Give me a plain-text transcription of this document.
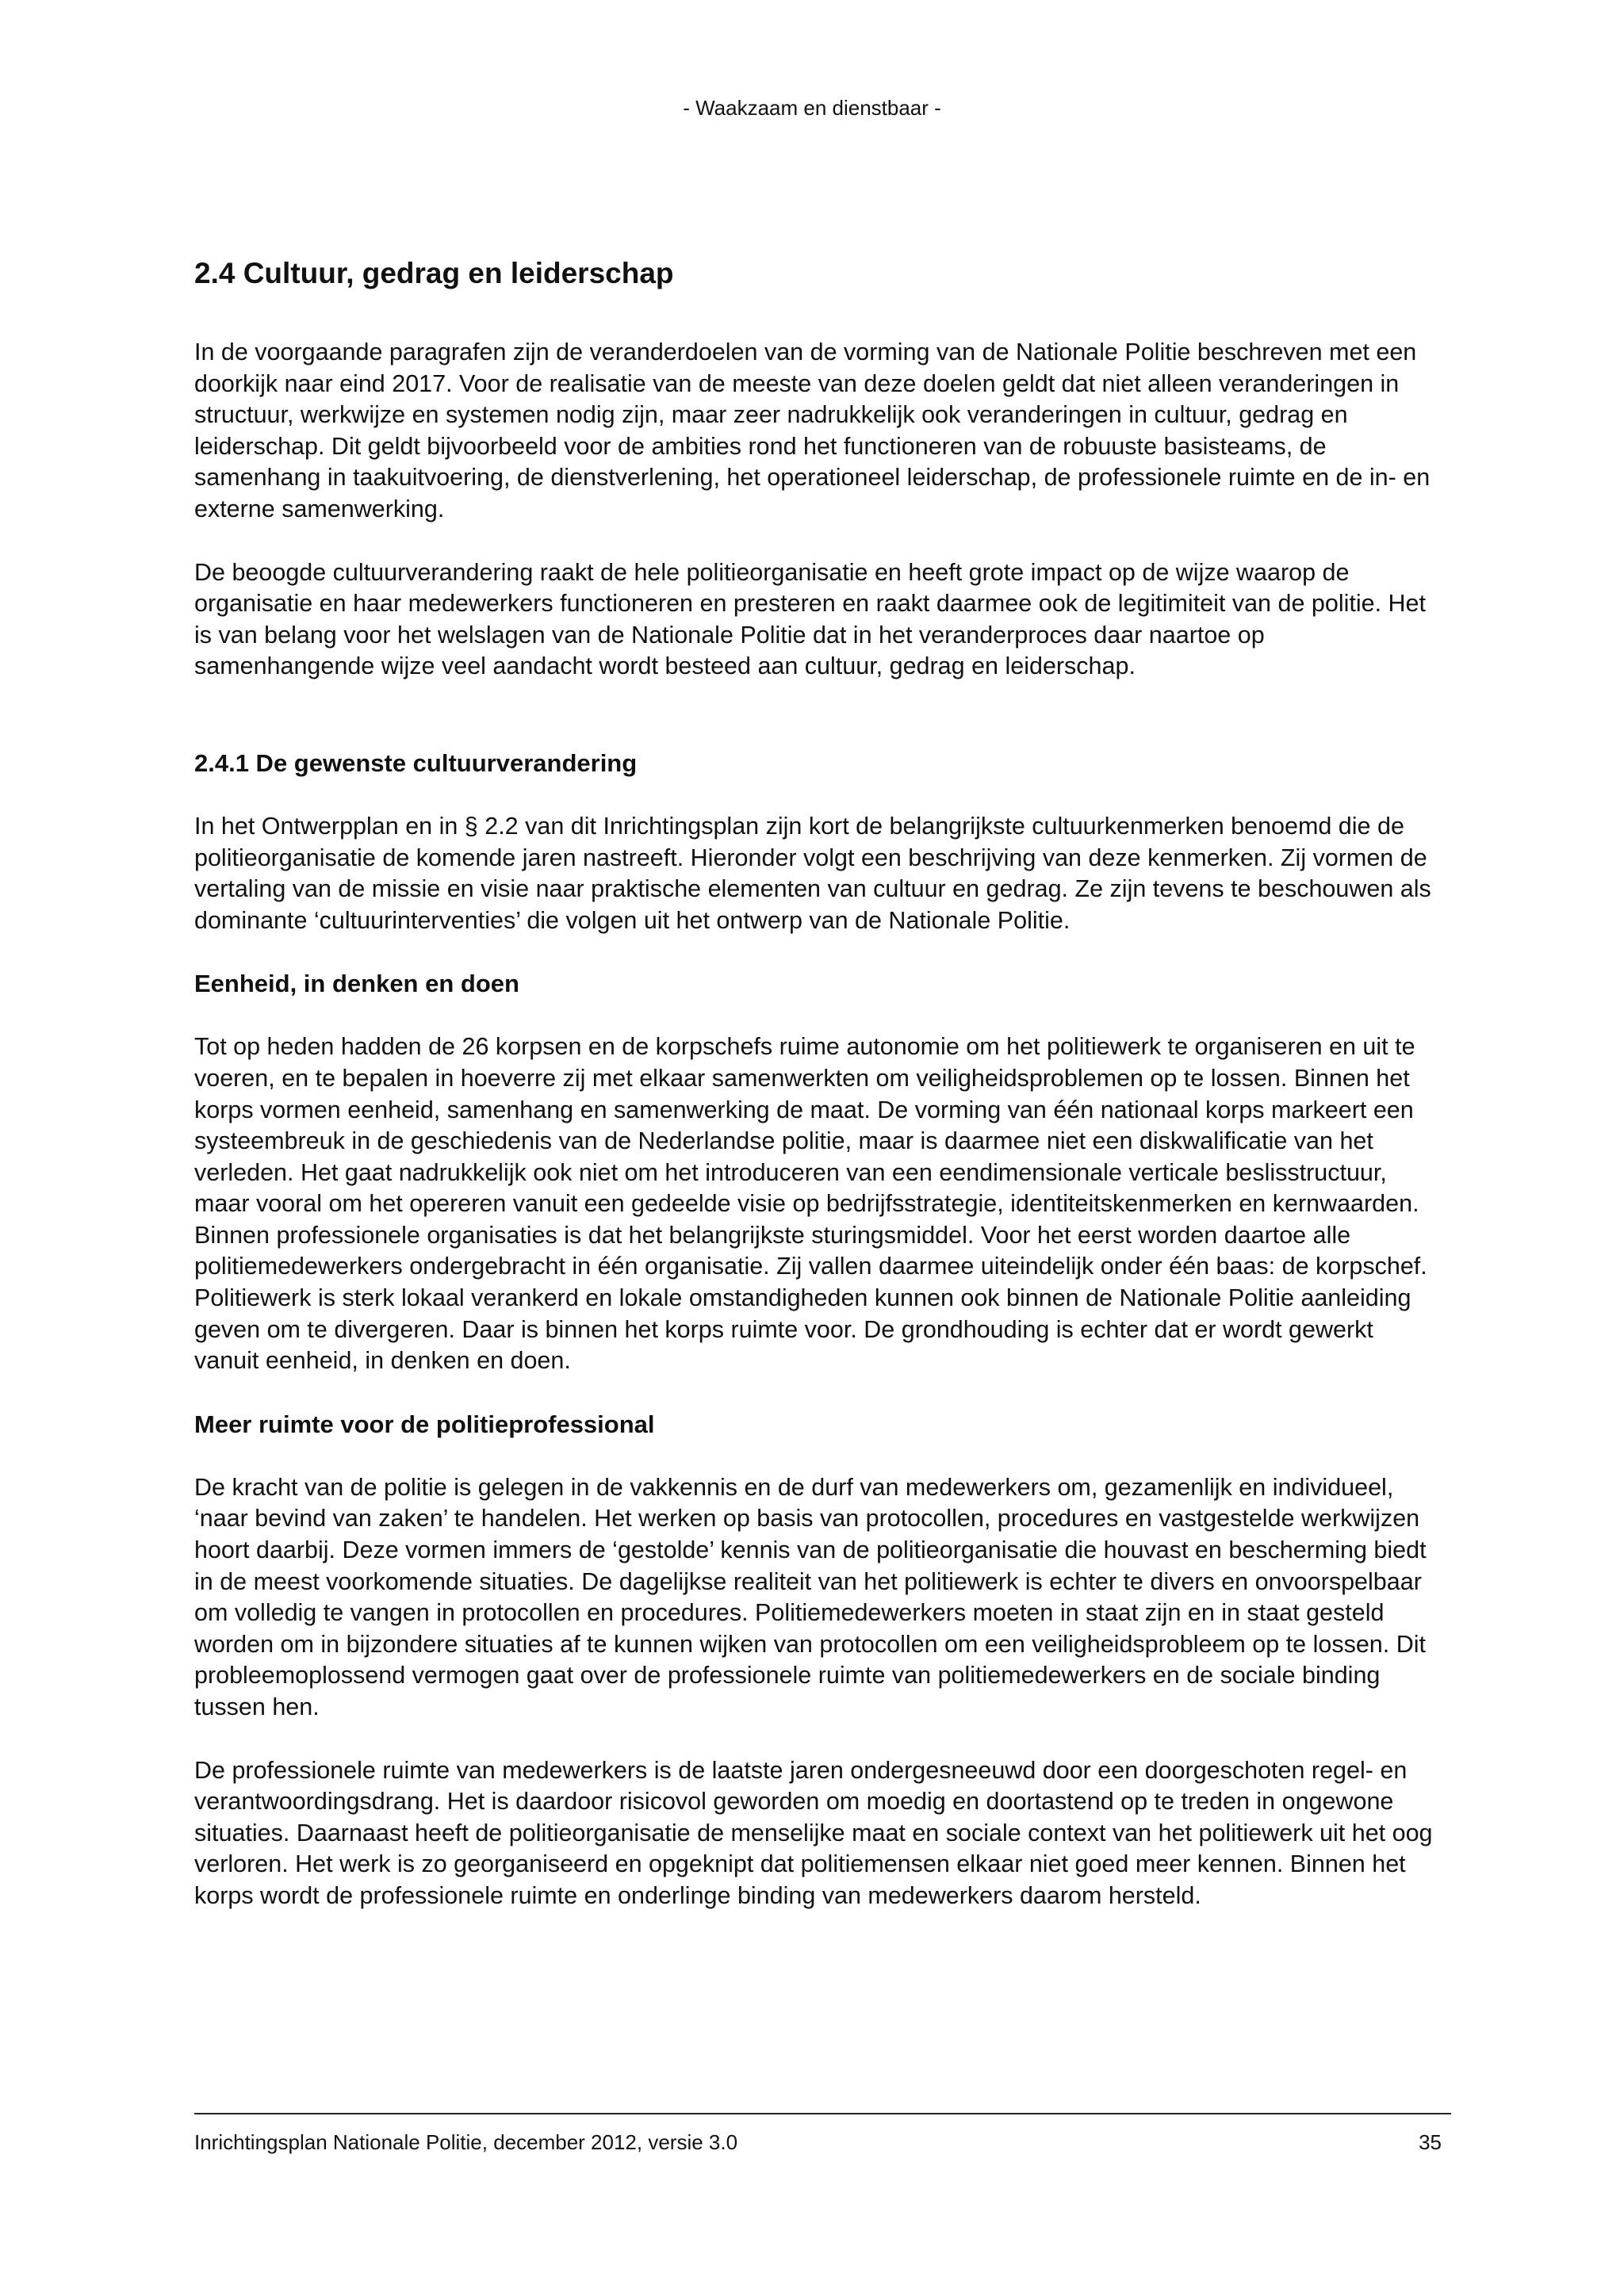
- Waakzaam en dienstbaar -
2.4 Cultuur, gedrag en leiderschap

In de voorgaande paragrafen zijn de veranderdoelen van de vorming van de Nationale Politie beschreven met een doorkijk naar eind 2017. Voor de realisatie van de meeste van deze doelen geldt dat niet alleen veranderingen in structuur, werkwijze en systemen nodig zijn, maar zeer nadrukkelijk ook veranderingen in cultuur, gedrag en leiderschap. Dit geldt bijvoorbeeld voor de ambities rond het functioneren van de robuuste basisteams, de samenhang in taakuitvoering, de dienstverlening, het operationeel leiderschap, de professionele ruimte en de in- en externe samenwerking.

De beoogde cultuurverandering raakt de hele politieorganisatie en heeft grote impact op de wijze waarop de organisatie en haar medewerkers functioneren en presteren en raakt daarmee ook de legitimiteit van de politie. Het is van belang voor het welslagen van de Nationale Politie dat in het veranderproces daar naartoe op samenhangende wijze veel aandacht wordt besteed aan cultuur, gedrag en leiderschap.

2.4.1 De gewenste cultuurverandering

In het Ontwerpplan en in § 2.2 van dit Inrichtingsplan zijn kort de belangrijkste cultuurkenmerken benoemd die de politieorganisatie de komende jaren nastreeft. Hieronder volgt een beschrijving van deze kenmerken. Zij vormen de vertaling van de missie en visie naar praktische elementen van cultuur en gedrag. Ze zijn tevens te beschouwen als dominante ‘cultuurinterventies’ die volgen uit het ontwerp van de Nationale Politie.

Eenheid, in denken en doen

Tot op heden hadden de 26 korpsen en de korpschefs ruime autonomie om het politiewerk te organiseren en uit te voeren, en te bepalen in hoeverre zij met elkaar samenwerkten om veiligheidsproblemen op te lossen. Binnen het korps vormen eenheid, samenhang en samenwerking de maat. De vorming van één nationaal korps markeert een systeembreuk in de geschiedenis van de Nederlandse politie, maar is daarmee niet een diskwalificatie van het verleden. Het gaat nadrukkelijk ook niet om het introduceren van een eendimensionale verticale beslisstructuur, maar vooral om het opereren vanuit een gedeelde visie op bedrijfsstrategie, identiteitskenmerken en kernwaarden. Binnen professionele organisaties is dat het belangrijkste sturingsmiddel. Voor het eerst worden daartoe alle politiemedewerkers ondergebracht in één organisatie. Zij vallen daarmee uiteindelijk onder één baas: de korpschef. Politiewerk is sterk lokaal verankerd en lokale omstandigheden kunnen ook binnen de Nationale Politie aanleiding geven om te divergeren. Daar is binnen het korps ruimte voor. De grondhouding is echter dat er wordt gewerkt vanuit eenheid, in denken en doen.

Meer ruimte voor de politieprofessional

De kracht van de politie is gelegen in de vakkennis en de durf van medewerkers om, gezamenlijk en individueel, ‘naar bevind van zaken’ te handelen. Het werken op basis van protocollen, procedures en vastgestelde werkwijzen hoort daarbij. Deze vormen immers de ‘gestolde’ kennis van de politieorganisatie die houvast en bescherming biedt in de meest voorkomende situaties. De dagelijkse realiteit van het politiewerk is echter te divers en onvoorspelbaar om volledig te vangen in protocollen en procedures. Politiemedewerkers moeten in staat zijn en in staat gesteld worden om in bijzondere situaties af te kunnen wijken van protocollen om een veiligheidsprobleem op te lossen. Dit probleemoplossend vermogen gaat over de professionele ruimte van politiemedewerkers en de sociale binding tussen hen.

De professionele ruimte van medewerkers is de laatste jaren ondergesneeuwd door een doorgeschoten regel- en verantwoordingsdrang. Het is daardoor risicovol geworden om moedig en doortastend op te treden in ongewone situaties. Daarnaast heeft de politieorganisatie de menselijke maat en sociale context van het politiewerk uit het oog verloren. Het werk is zo georganiseerd en opgeknipt dat politiemensen elkaar niet goed meer kennen. Binnen het korps wordt de professionele ruimte en onderlinge binding van medewerkers daarom hersteld.

Inrichtingsplan Nationale Politie, december 2012, versie 3.0	35
